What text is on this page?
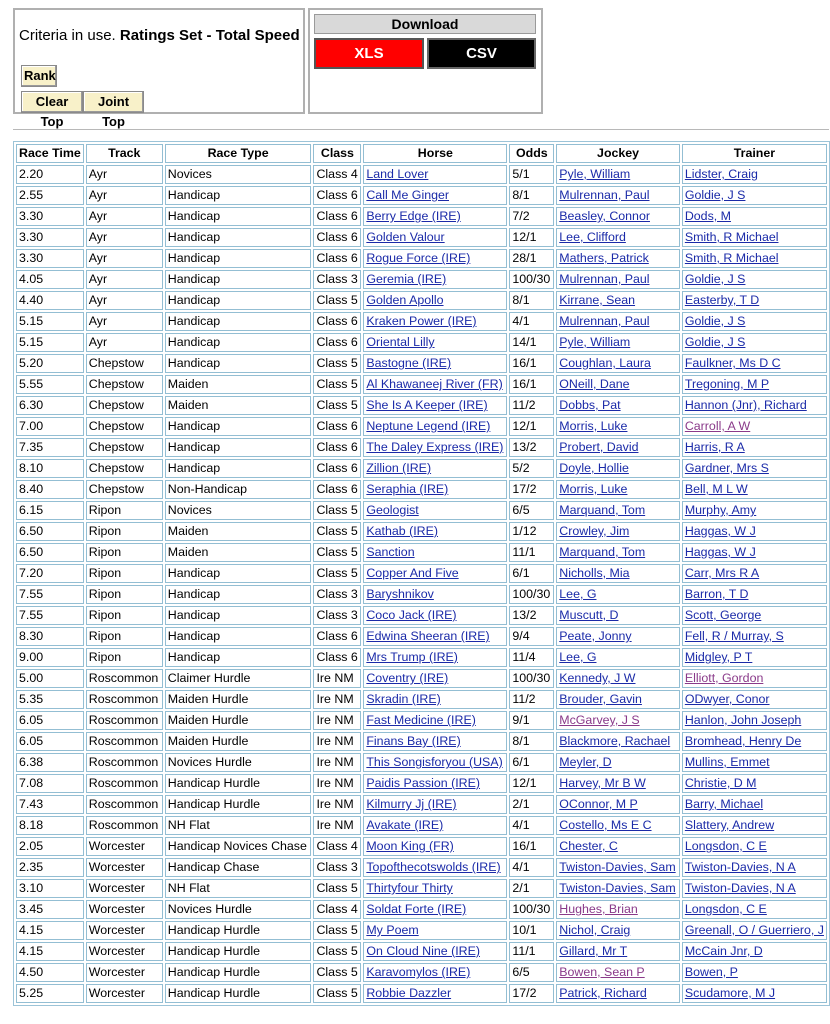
Criteria in use. Ratings Set - Total Speed
Rank
Clear Top
Joint Top
Download
XLS	CSV
Race Time	Track	Race Type	Class	Horse	Odds	Jockey	Trainer
2.20	Ayr	Novices	Class 4	Land Lover	5/1	Pyle, William	Lidster, Craig
2.55	Ayr	Handicap	Class 6	Call Me Ginger	8/1	Mulrennan, Paul	Goldie, J S
3.30	Ayr	Handicap	Class 6	Berry Edge (IRE)	7/2	Beasley, Connor	Dods, M
3.30	Ayr	Handicap	Class 6	Golden Valour	12/1	Lee, Clifford	Smith, R Michael
3.30	Ayr	Handicap	Class 6	Rogue Force (IRE)	28/1	Mathers, Patrick	Smith, R Michael
4.05	Ayr	Handicap	Class 3	Geremia (IRE)	100/30	Mulrennan, Paul	Goldie, J S
4.40	Ayr	Handicap	Class 5	Golden Apollo	8/1	Kirrane, Sean	Easterby, T D
5.15	Ayr	Handicap	Class 6	Kraken Power (IRE)	4/1	Mulrennan, Paul	Goldie, J S
5.15	Ayr	Handicap	Class 6	Oriental Lilly	14/1	Pyle, William	Goldie, J S
5.20	Chepstow	Handicap	Class 5	Bastogne (IRE)	16/1	Coughlan, Laura	Faulkner, Ms D C
5.55	Chepstow	Maiden	Class 5	Al Khawaneej River (FR)	16/1	ONeill, Dane	Tregoning, M P
6.30	Chepstow	Maiden	Class 5	She Is A Keeper (IRE)	11/2	Dobbs, Pat	Hannon (Jnr), Richard
7.00	Chepstow	Handicap	Class 6	Neptune Legend (IRE)	12/1	Morris, Luke	Carroll, A W
7.35	Chepstow	Handicap	Class 6	The Daley Express (IRE)	13/2	Probert, David	Harris, R A
8.10	Chepstow	Handicap	Class 6	Zillion (IRE)	5/2	Doyle, Hollie	Gardner, Mrs S
8.40	Chepstow	Non-Handicap	Class 6	Seraphia (IRE)	17/2	Morris, Luke	Bell, M L W
6.15	Ripon	Novices	Class 5	Geologist	6/5	Marquand, Tom	Murphy, Amy
6.50	Ripon	Maiden	Class 5	Kathab (IRE)	1/12	Crowley, Jim	Haggas, W J
6.50	Ripon	Maiden	Class 5	Sanction	11/1	Marquand, Tom	Haggas, W J
7.20	Ripon	Handicap	Class 5	Copper And Five	6/1	Nicholls, Mia	Carr, Mrs R A
7.55	Ripon	Handicap	Class 3	Baryshnikov	100/30	Lee, G	Barron, T D
7.55	Ripon	Handicap	Class 3	Coco Jack (IRE)	13/2	Muscutt, D	Scott, George
8.30	Ripon	Handicap	Class 6	Edwina Sheeran (IRE)	9/4	Peate, Jonny	Fell, R / Murray, S
9.00	Ripon	Handicap	Class 6	Mrs Trump (IRE)	11/4	Lee, G	Midgley, P T
5.00	Roscommon	Claimer Hurdle	Ire NM	Coventry (IRE)	100/30	Kennedy, J W	Elliott, Gordon
5.35	Roscommon	Maiden Hurdle	Ire NM	Skradin (IRE)	11/2	Brouder, Gavin	ODwyer, Conor
6.05	Roscommon	Maiden Hurdle	Ire NM	Fast Medicine (IRE)	9/1	McGarvey, J S	Hanlon, John Joseph
6.05	Roscommon	Maiden Hurdle	Ire NM	Finans Bay (IRE)	8/1	Blackmore, Rachael	Bromhead, Henry De
6.38	Roscommon	Novices Hurdle	Ire NM	This Songisforyou (USA)	6/1	Meyler, D	Mullins, Emmet
7.08	Roscommon	Handicap Hurdle	Ire NM	Paidis Passion (IRE)	12/1	Harvey, Mr B W	Christie, D M
7.43	Roscommon	Handicap Hurdle	Ire NM	Kilmurry Jj (IRE)	2/1	OConnor, M P	Barry, Michael
8.18	Roscommon	NH Flat	Ire NM	Avakate (IRE)	4/1	Costello, Ms E C	Slattery, Andrew
2.05	Worcester	Handicap Novices Chase	Class 4	Moon King (FR)	16/1	Chester, C	Longsdon, C E
2.35	Worcester	Handicap Chase	Class 3	Topofthecotswolds (IRE)	4/1	Twiston-Davies, Sam	Twiston-Davies, N A
3.10	Worcester	NH Flat	Class 5	Thirtyfour Thirty	2/1	Twiston-Davies, Sam	Twiston-Davies, N A
3.45	Worcester	Novices Hurdle	Class 4	Soldat Forte (IRE)	100/30	Hughes, Brian	Longsdon, C E
4.15	Worcester	Handicap Hurdle	Class 5	My Poem	10/1	Nichol, Craig	Greenall, O / Guerriero, J
4.15	Worcester	Handicap Hurdle	Class 5	On Cloud Nine (IRE)	11/1	Gillard, Mr T	McCain Jnr, D
4.50	Worcester	Handicap Hurdle	Class 5	Karavomylos (IRE)	6/5	Bowen, Sean P	Bowen, P
5.25	Worcester	Handicap Hurdle	Class 5	Robbie Dazzler	17/2	Patrick, Richard	Scudamore, M J
